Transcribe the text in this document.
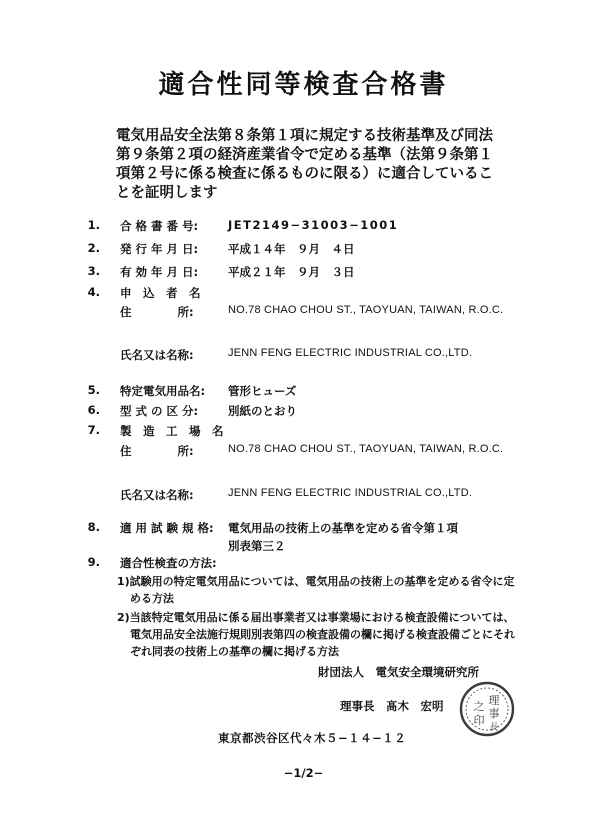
適合性同等検査合格書
電気用品安全法第８条第１項に規定する技術基準及び同法
第９条第２項の経済産業省令で定める基準（法第９条第１
項第２号に係る検査に係るものに限る）に適合しているこ
とを証明します
1. 合 格 書 番 号:	JET2149−31003−1001
2. 発 行 年 月 日:	平成１４年　９月　４日
3. 有 効 年 月 日:	平成２１年　９月　３日
4. 申　込　者　名
住　　　　所:	NO.78 CHAO CHOU ST., TAOYUAN, TAIWAN, R.O.C.
氏名又は名称:	JENN FENG ELECTRIC INDUSTRIAL CO.,LTD.
5. 特定電気用品名: 管形ヒューズ
6. 型 式 の 区 分:	別紙のとおり
7. 製　造　工　場　名
住　　　　所:	NO.78 CHAO CHOU ST., TAOYUAN, TAIWAN, R.O.C.
氏名又は名称:	JENN FENG ELECTRIC INDUSTRIAL CO.,LTD.
8. 適 用 試 験 規 格: 電気用品の技術上の基準を定める省令第１項
別表第三２
9. 適合性検査の方法:
1)試験用の特定電気用品については、電気用品の技術上の基準を定める省令に定
める方法
2)当該特定電気用品に係る届出事業者又は事業場における検査設備については、
電気用品安全法施行規則別表第四の検査設備の欄に掲げる検査設備ごとにそれ
ぞれ同表の技術上の基準の欄に掲げる方法
財団法人　電気安全環境研究所
理事長　髙木　宏明	理
事
長
之
印
東京都渋谷区代々木５−１４−１２
−1/2−
